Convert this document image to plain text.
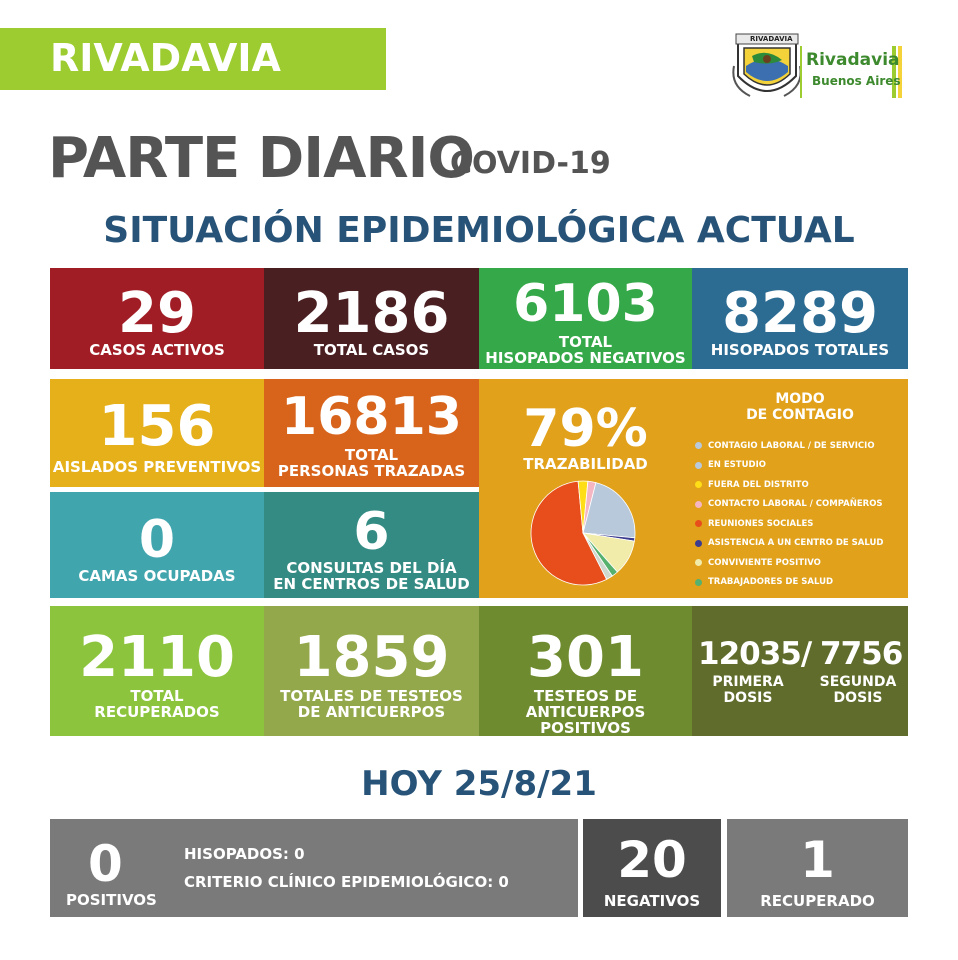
RIVADAVIA	RIVADAVIA
Rivadavia
Buenos Aires
PARTE DIARIO
COVID-19
SITUACIÓN EPIDEMIOLÓGICA ACTUAL
29
CASOS ACTIVOS
2186
TOTAL CASOS
6103
TOTAL
HISOPADOS NEGATIVOS
8289
HISOPADOS TOTALES
156
AISLADOS PREVENTIVOS
16813
TOTAL
PERSONAS TRAZADAS
0
CAMAS OCUPADAS
6
CONSULTAS DEL DÍA
EN CENTROS DE SALUD
79%
TRAZABILIDAD
MODO
DE CONTAGIO
CONTAGIO LABORAL / DE SERVICIO
EN ESTUDIO
FUERA DEL DISTRITO
CONTACTO LABORAL / COMPAÑEROS
REUNIONES SOCIALES
ASISTENCIA A UN CENTRO DE SALUD
CONVIVIENTE POSITIVO
TRABAJADORES DE SALUD
2110
TOTAL
RECUPERADOS
1859
TOTALES DE TESTEOS
DE ANTICUERPOS
301
TESTEOS DE
ANTICUERPOS POSITIVOS
12035/ 7756
PRIMERA
DOSIS
SEGUNDA
DOSIS
HOY 25/8/21
0
POSITIVOS
HISOPADOS: 0
CRITERIO CLÍNICO EPIDEMIOLÓGICO: 0	20
NEGATIVOS
1
RECUPERADO
